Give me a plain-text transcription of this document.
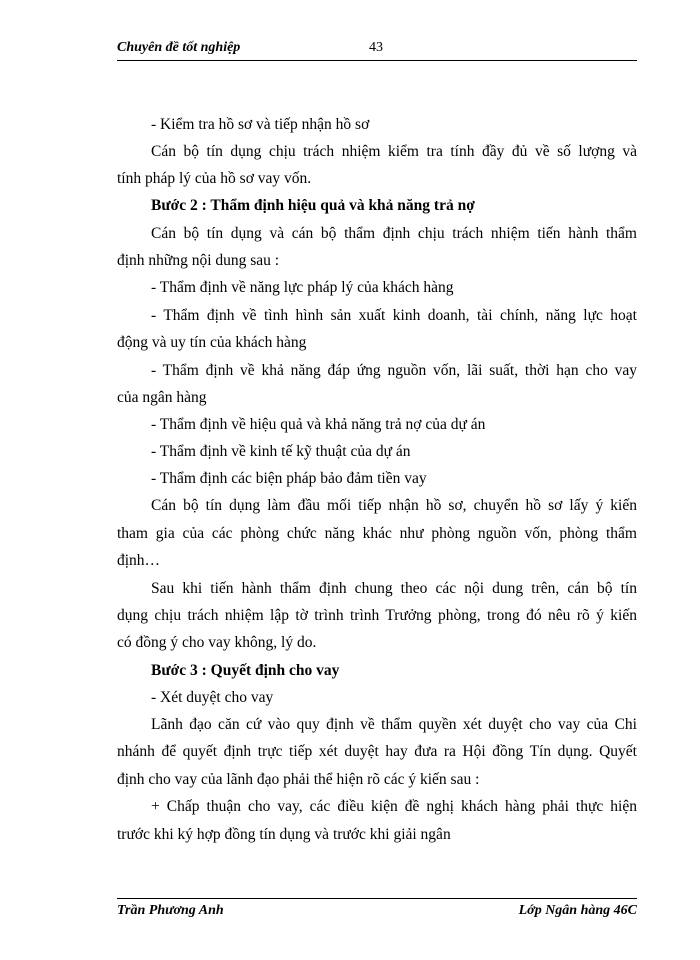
Chuyên đề tốt nghiệp	43
- Kiểm tra hồ sơ và tiếp nhận hồ sơ
Cán bộ tín dụng chịu trách nhiệm kiểm tra tính đầy đủ về số lượng và
tính pháp lý của hồ sơ vay vốn.
Bước 2 : Thẩm định hiệu quả và khả năng trả nợ
Cán bộ tín dụng và cán bộ thẩm định chịu trách nhiệm tiến hành thẩm
định những nội dung sau :
- Thẩm định về năng lực pháp lý của khách hàng
- Thẩm định về tình hình sản xuất kinh doanh, tài chính, năng lực hoạt
động và uy tín của khách hàng
- Thẩm định về khả năng đáp ứng nguồn vốn, lãi suất, thời hạn cho vay
của ngân hàng
- Thẩm định về hiệu quả và khả năng trả nợ của dự án
- Thẩm định về kinh tế kỹ thuật của dự án
- Thẩm định các biện pháp bảo đảm tiền vay
Cán bộ tín dụng làm đầu mối tiếp nhận hồ sơ, chuyển hồ sơ lấy ý kiến
tham gia của các phòng chức năng khác như phòng nguồn vốn, phòng thẩm
định…
Sau khi tiến hành thẩm định chung theo các nội dung trên, cán bộ tín
dụng chịu trách nhiệm lập tờ trình trình Trưởng phòng, trong đó nêu rõ ý kiến
có đồng ý cho vay không, lý do.
Bước 3 : Quyết định cho vay
- Xét duyệt cho vay
Lãnh đạo căn cứ vào quy định về thẩm quyền xét duyệt cho vay của Chi
nhánh để quyết định trực tiếp xét duyệt hay đưa ra Hội đồng Tín dụng. Quyết
định cho vay của lãnh đạo phải thể hiện rõ các ý kiến sau :
+ Chấp thuận cho vay, các điều kiện đề nghị khách hàng phải thực hiện
trước khi ký hợp đồng tín dụng và trước khi giải ngân
Trần Phương Anh	Lớp Ngân hàng 46C
